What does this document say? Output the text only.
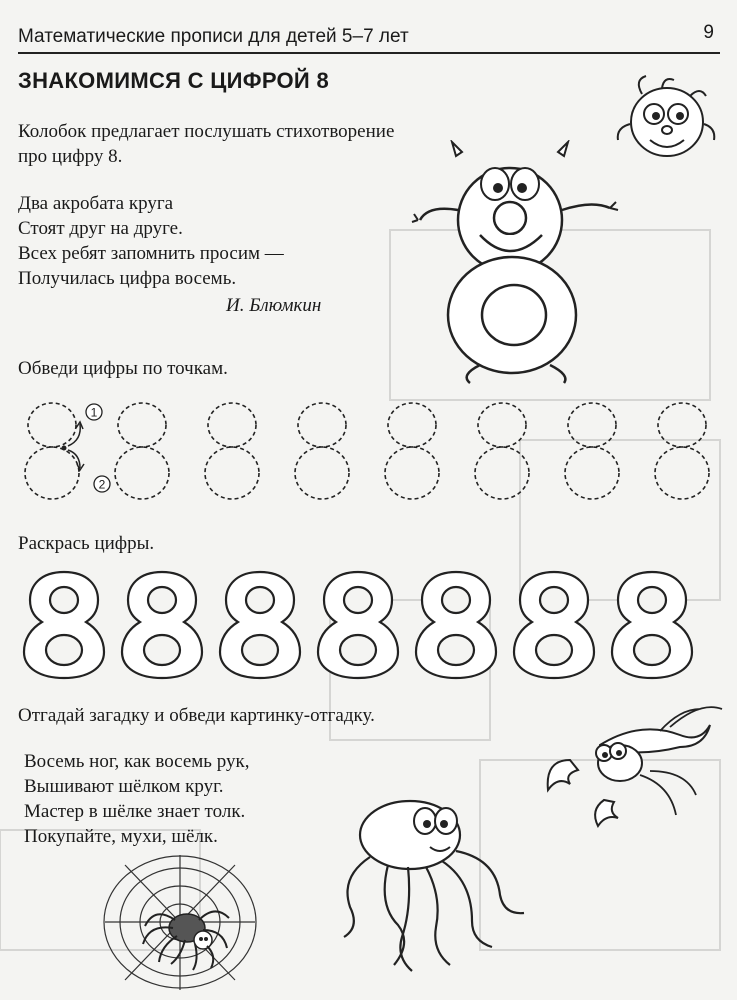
Математические прописи для детей 5–7 лет	9
ЗНАКОМИМСЯ С ЦИФРОЙ 8
Колобок предлагает послушать стихотворение
про цифру 8.
Два акробата круга
Стоят друг на друге.
Всех ребят запомнить просим —
Получилась цифра восемь.
И. Блюмкин
Обведи цифры по точкам.
1
2
Раскрась цифры.
Отгадай загадку и обведи картинку-отгадку.
Восемь ног, как восемь рук,
Вышивают шёлком круг.
Мастер в шёлке знает толк.
Покупайте, мухи, шёлк.
